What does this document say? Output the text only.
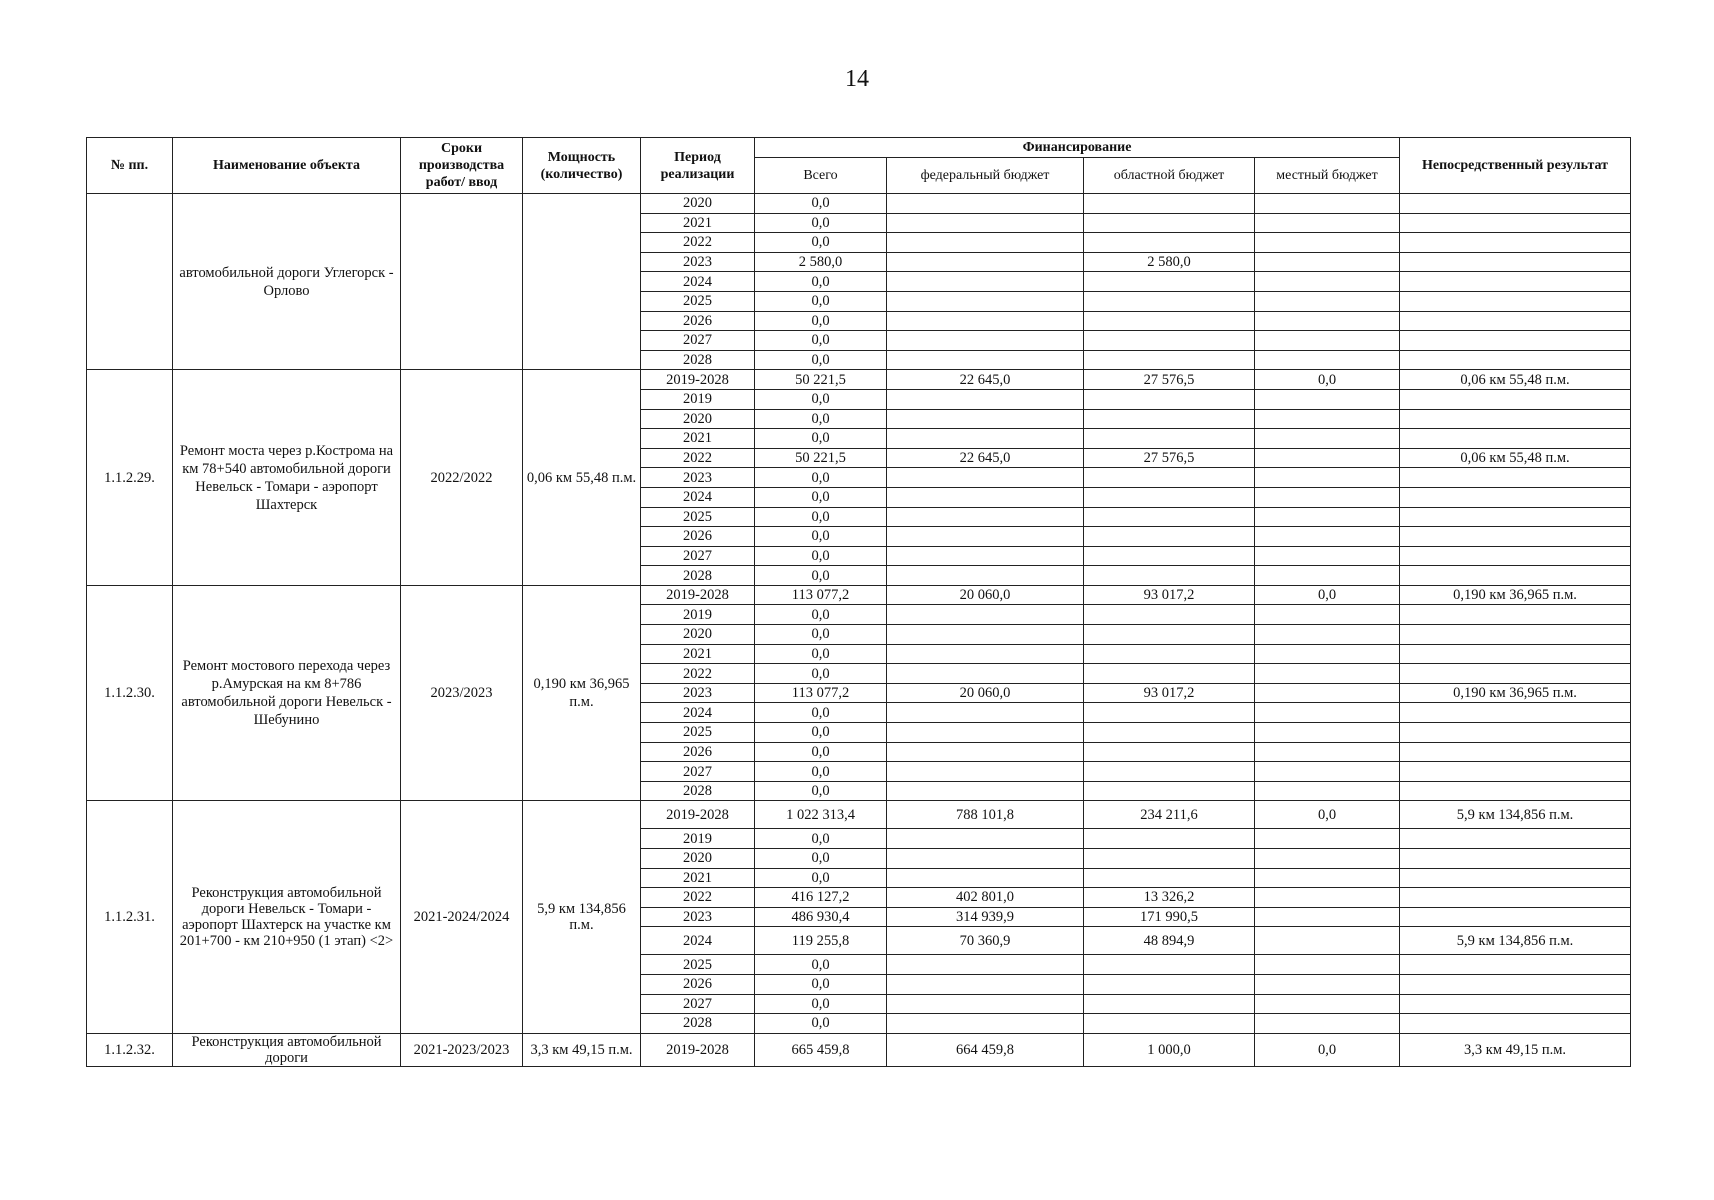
14
№ пп.	Наименование объекта	Сроки производства работ/ ввод	Мощность (количество)	Период реализации	Финансирование				Непосредственный результат
					Всего	федеральный бюджет	областной бюджет	местный бюджет	
	автомобильной дороги Углегорск - Орлово			2020	0,0				
				2021	0,0				
				2022	0,0				
				2023	2 580,0		2 580,0		
				2024	0,0				
				2025	0,0				
				2026	0,0				
				2027	0,0				
				2028	0,0				
1.1.2.29.	Ремонт моста через р.Кострома на км 78+540 автомобильной дороги Невельск - Томари - аэропорт Шахтерск	2022/2022	0,06 км 55,48 п.м.	2019-2028	50 221,5	22 645,0	27 576,5	0,0	0,06 км 55,48 п.м.
				2019	0,0				
				2020	0,0				
				2021	0,0				
				2022	50 221,5	22 645,0	27 576,5		0,06 км 55,48 п.м.
				2023	0,0				
				2024	0,0				
				2025	0,0				
				2026	0,0				
				2027	0,0				
				2028	0,0				
1.1.2.30.	Ремонт мостового перехода через р.Амурская на км 8+786 автомобильной дороги Невельск - Шебунино	2023/2023	0,190 км 36,965 п.м.	2019-2028	113 077,2	20 060,0	93 017,2	0,0	0,190 км 36,965 п.м.
				2019	0,0				
				2020	0,0				
				2021	0,0				
				2022	0,0				
				2023	113 077,2	20 060,0	93 017,2		0,190 км 36,965 п.м.
				2024	0,0				
				2025	0,0				
				2026	0,0				
				2027	0,0				
				2028	0,0				
1.1.2.31.	Реконструкция автомобильной дороги Невельск - Томари - аэропорт Шахтерск на участке км 201+700 - км 210+950 (1 этап) <2>	2021-2024/2024	5,9 км 134,856 п.м.	2019-2028	1 022 313,4	788 101,8	234 211,6	0,0	5,9 км 134,856 п.м.
				2019	0,0				
				2020	0,0				
				2021	0,0				
				2022	416 127,2	402 801,0	13 326,2		
				2023	486 930,4	314 939,9	171 990,5		
				2024	119 255,8	70 360,9	48 894,9		5,9 км 134,856 п.м.
				2025	0,0				
				2026	0,0				
				2027	0,0				
				2028	0,0				
1.1.2.32.	Реконструкция автомобильной дороги	2021-2023/2023	3,3 км 49,15 п.м.	2019-2028	665 459,8	664 459,8	1 000,0	0,0	3,3 км 49,15 п.м.
